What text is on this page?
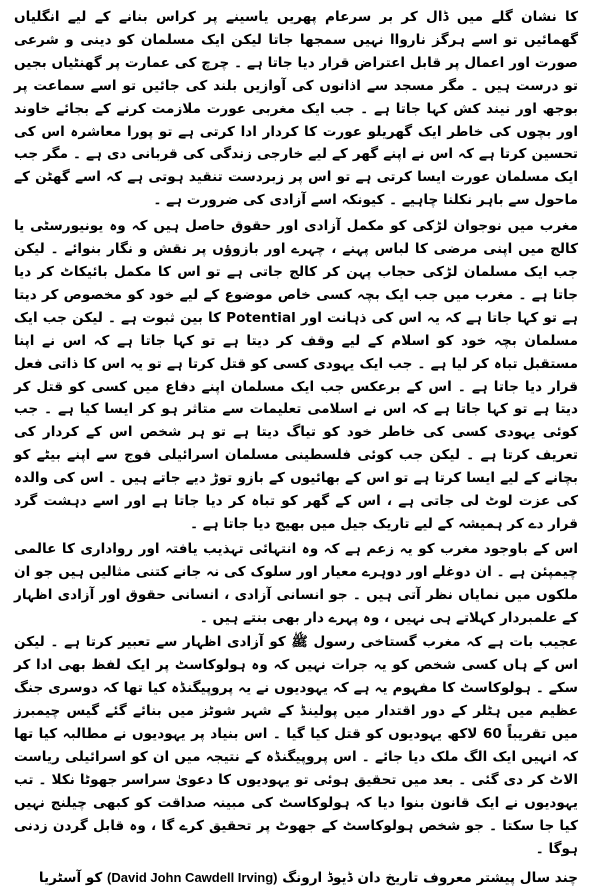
کا نشان گلے میں ڈال کر بر سرعام پھریں یاسینے پر کراس بنانے کے لیے انگلیاں گھمائیں تو اسے ہرگز نارواا نہیں سمجھا جاتا لیکن ایک مسلمان کو دینی و شرعی صورت اور اعمال پر قابل اعتراض قرار دیا جاتا ہے ۔ چرچ کی عمارت پر گھنٹیاں بجیں تو درست ہیں ۔ مگر مسجد سے اذانوں کی آوازیں بلند کی جائیں تو اسے سماعت پر بوجھ اور نیند کش کہا جاتا ہے ۔ جب ایک مغربی عورت ملازمت کرنے کے بجائے خاوند اور بچوں کی خاطر ایک گھریلو عورت کا کردار ادا کرتی ہے تو پورا معاشرہ اس کی تحسین کرتا ہے کہ اس نے اپنے گھر کے لیے خارجی زندگی کی قربانی دی ہے ۔ مگر جب ایک مسلمان عورت ایسا کرتی ہے تو اس پر زبردست تنقید ہوتی ہے کہ اسے گھٹن کے ماحول سے باہر نکلنا چاہیے ۔ کیونکہ اسے آزادی کی ضرورت ہے ۔

مغرب میں نوجوان لڑکی کو مکمل آزادی اور حقوق حاصل ہیں کہ وہ یونیورسٹی یا کالج میں اپنی مرضی کا لباس پہنے ، چہرے اور بازوؤں پر نقش و نگار بنوائے ۔ لیکن جب ایک مسلمان لڑکی حجاب پہن کر کالج جاتی ہے تو اس کا مکمل بائیکاٹ کر دیا جاتا ہے ۔ مغرب میں جب ایک بچہ کسی خاص موضوع کے لیے خود کو مخصوص کر دیتا ہے تو کہا جاتا ہے کہ یہ اس کی ذہانت اور Potential کا بین ثبوت ہے ۔ لیکن جب ایک مسلمان بچہ خود کو اسلام کے لیے وقف کر دیتا ہے تو کہا جاتا ہے کہ اس نے اپنا مستقبل تباہ کر لیا ہے ۔ جب ایک یہودی کسی کو قتل کرتا ہے تو یہ اس کا ذاتی فعل قرار دیا جاتا ہے ۔ اس کے برعکس جب ایک مسلمان اپنے دفاع میں کسی کو قتل کر دیتا ہے تو کہا جاتا ہے کہ اس نے اسلامی تعلیمات سے متاثر ہو کر ایسا کیا ہے ۔ جب کوئی یہودی کسی کی خاطر خود کو تیاگ دیتا ہے تو ہر شخص اس کے کردار کی تعریف کرتا ہے ۔ لیکن جب کوئی فلسطینی مسلمان اسرائیلی فوج سے اپنے بیٹے کو بچانے کے لیے ایسا کرتا ہے تو اس کے بھائیوں کے بازو توڑ دیے جاتے ہیں ۔ اس کی والدہ کی عزت لوٹ لی جاتی ہے ، اس کے گھر کو تباہ کر دیا جاتا ہے اور اسے دہشت گرد قرار دے کر ہمیشہ کے لیے تاریک جیل میں بھیج دیا جاتا ہے ۔

اس کے باوجود مغرب کو یہ زعم ہے کہ وہ انتہائی تہذیب یافتہ اور رواداری کا عالمی چیمپئن ہے ۔ ان دوغلے اور دوہرے معیار اور سلوک کی نہ جانے کتنی مثالیں ہیں جو ان ملکوں میں نمایاں نظر آتی ہیں ۔ جو انسانی آزادی ، انسانی حقوق اور آزادی اظہار کے علمبردار کہلاتے ہی نہیں ، وہ پہرے دار بھی بنتے ہیں ۔

عجیب بات ہے کہ مغرب گستاخی رسول ﷺ کو آزادی اظہار سے تعبیر کرتا ہے ۔ لیکن اس کے ہاں کسی شخص کو یہ جرات نہیں کہ وہ ہولوکاسٹ پر ایک لفظ بھی ادا کر سکے ۔ ہولوکاسٹ کا مفہوم یہ ہے کہ یہودیوں نے یہ پروپیگنڈہ کیا تھا کہ دوسری جنگ عظیم میں ہٹلر کے دور اقتدار میں پولینڈ کے شہر شوٹز میں بنائے گئے گیس چیمبرز میں تقریباً 60 لاکھ یہودیوں کو قتل کیا گیا ۔ اس بنیاد پر یہودیوں نے مطالبہ کیا تھا کہ انہیں ایک الگ ملک دیا جائے ۔ اس پروپیگنڈہ کے نتیجہ میں ان کو اسرائیلی ریاست الاٹ کر دی گئی ۔ بعد میں تحقیق ہوئی تو یہودیوں کا دعویٰ سراسر جھوٹا نکلا ۔ تب یہودیوں نے ایک قانون بنوا دیا کہ ہولوکاسٹ کی مبینہ صداقت کو کبھی چیلنج نہیں کیا جا سکتا ۔ جو شخص ہولوکاسٹ کے جھوٹ پر تحقیق کرے گا ، وہ قابل گردن زدنی ہوگا ۔

چند سال پیشتر معروف تاریخ دان ڈیوڈ ارونگ (David John Cawdell Irving) کو آسٹریا
